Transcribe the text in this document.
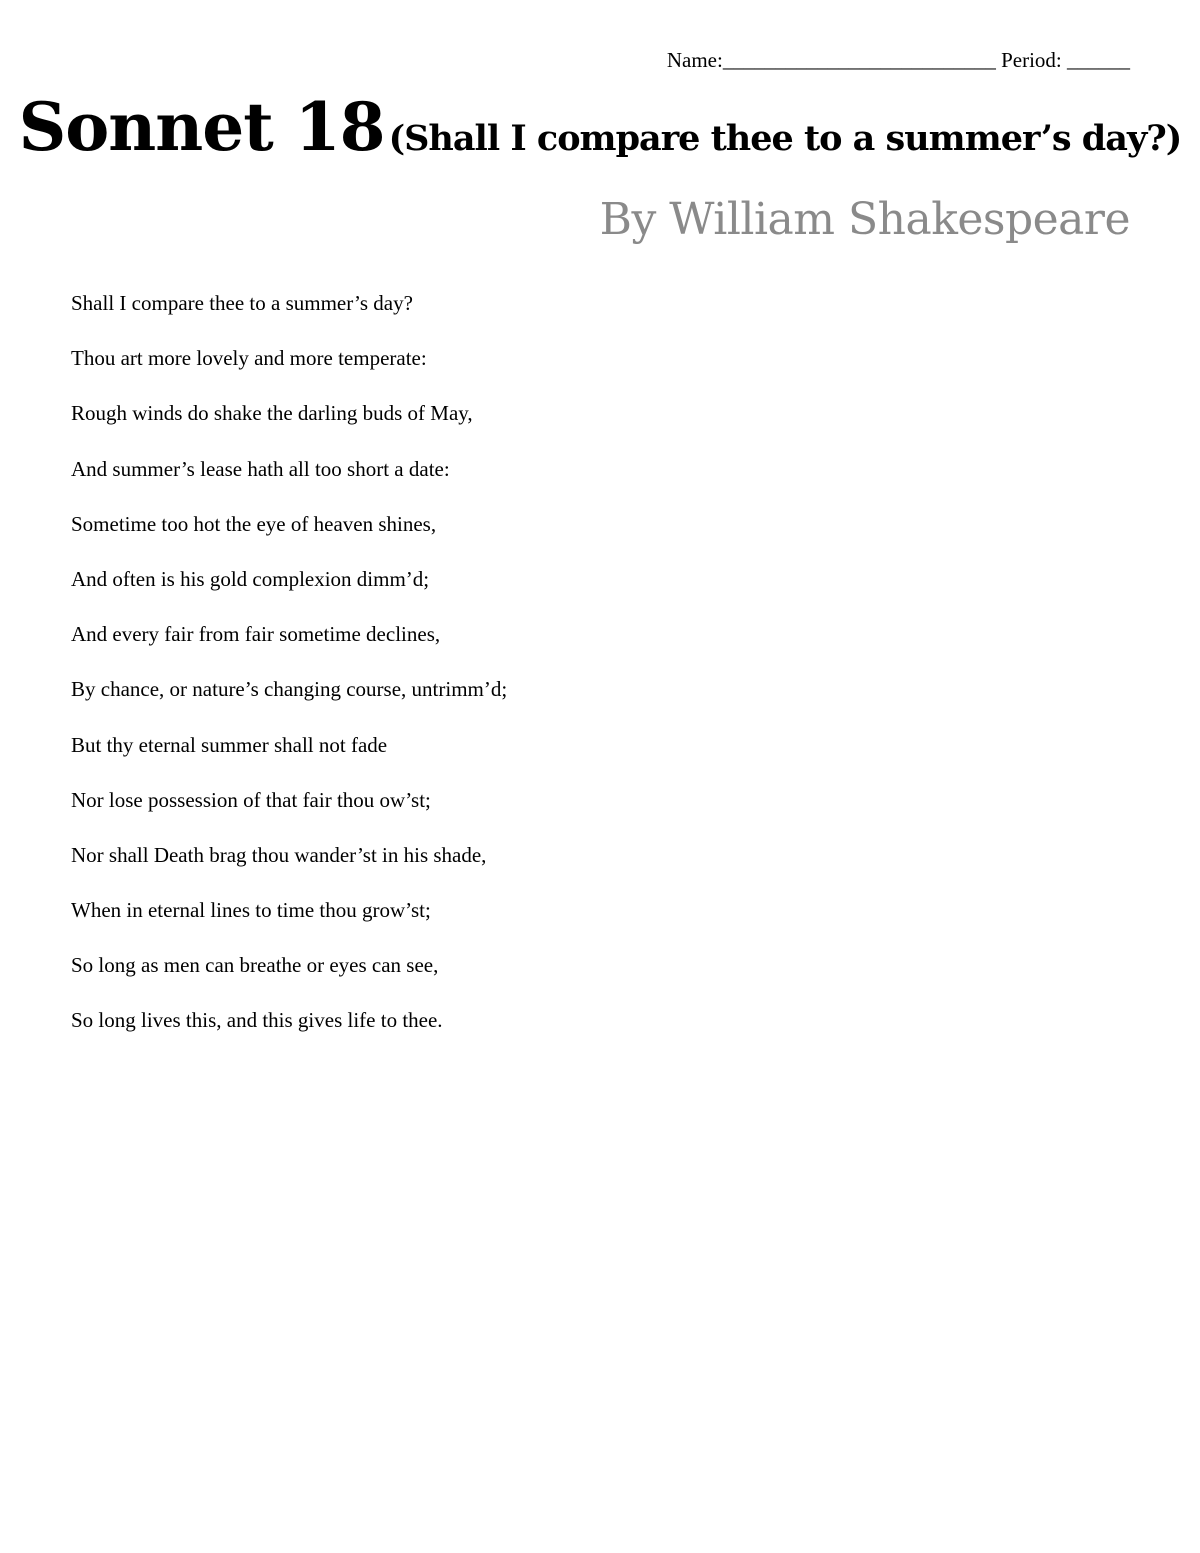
Name:__________________________ Period: ______
Sonnet 18 (Shall I compare thee to a summer’s day?)
By William Shakespeare
Shall I compare thee to a summer’s day?
Thou art more lovely and more temperate:
Rough winds do shake the darling buds of May,
And summer’s lease hath all too short a date:
Sometime too hot the eye of heaven shines,
And often is his gold complexion dimm’d;
And every fair from fair sometime declines,
By chance, or nature’s changing course, untrimm’d;
But thy eternal summer shall not fade
Nor lose possession of that fair thou ow’st;
Nor shall Death brag thou wander’st in his shade,
When in eternal lines to time thou grow’st;
So long as men can breathe or eyes can see,
So long lives this, and this gives life to thee.
